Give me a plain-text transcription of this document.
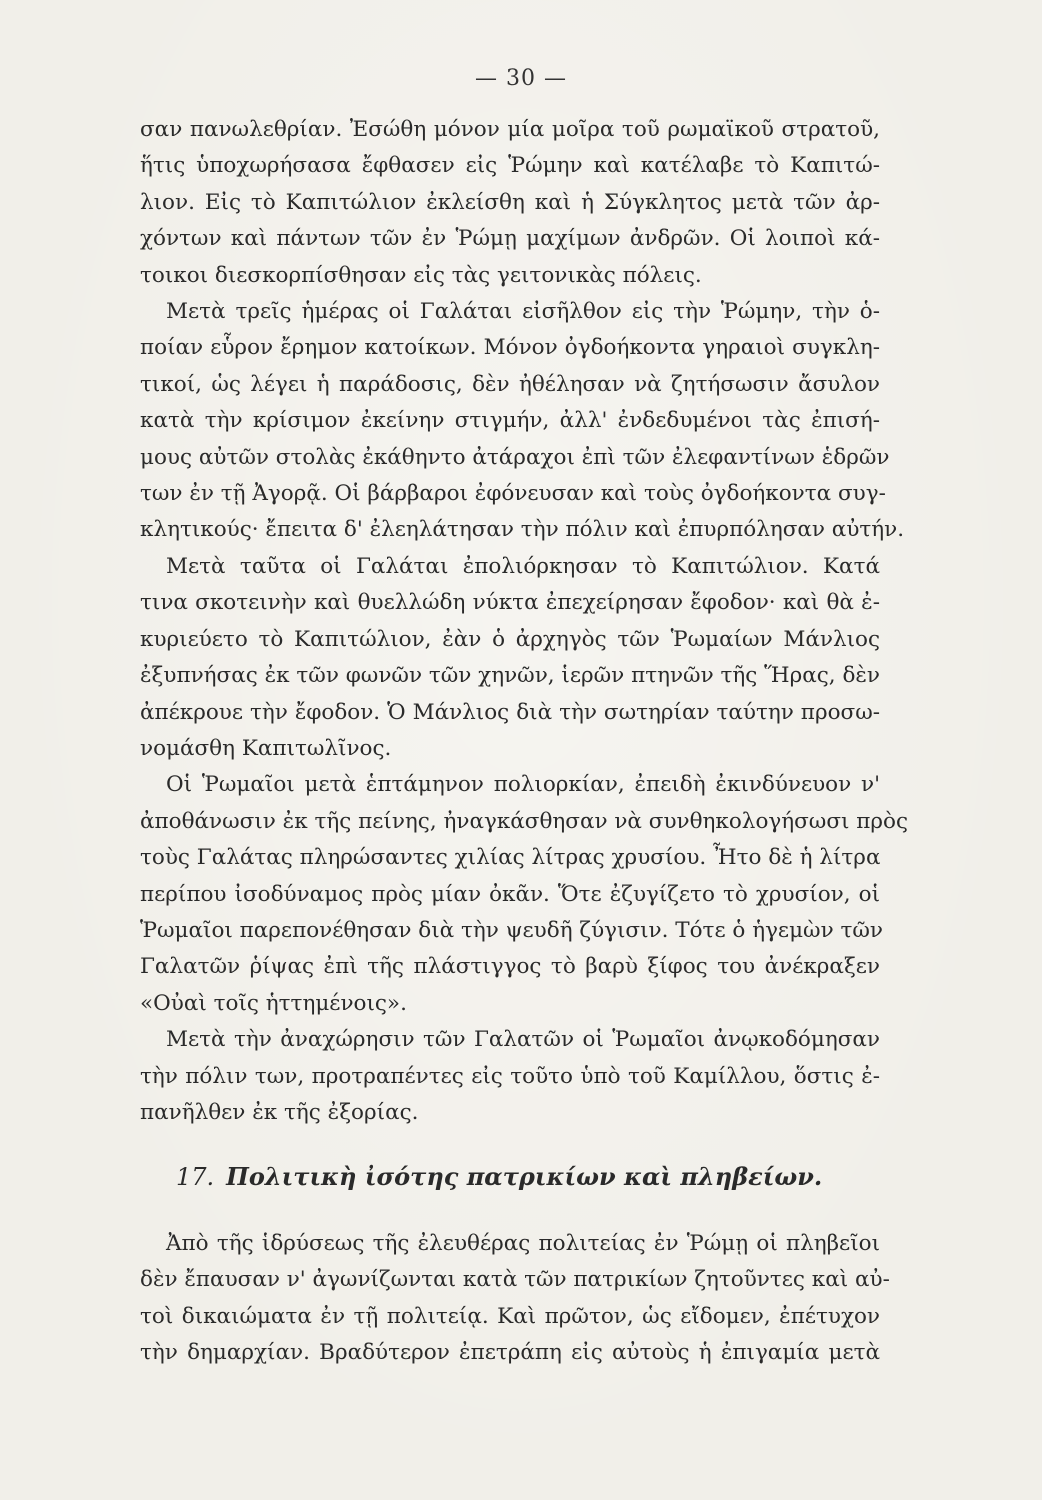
— 30 —

σαν πανωλεθρίαν. Ἐσώθη μόνον μία μοῖρα τοῦ ρωμαϊκοῦ στρατοῦ,
ἥτις ὑποχωρήσασα ἔφθασεν εἰς Ῥώμην καὶ κατέλαβε τὸ Καπιτώ-
λιον. Εἰς τὸ Καπιτώλιον ἐκλείσθη καὶ ἡ Σύγκλητος μετὰ τῶν ἀρ-
χόντων καὶ πάντων τῶν ἐν Ῥώμῃ μαχίμων ἀνδρῶν. Οἱ λοιποὶ κά-
τοικοι διεσκορπίσθησαν εἰς τὰς γειτονικὰς πόλεις.

Μετὰ τρεῖς ἡμέρας οἱ Γαλάται εἰσῆλθον εἰς τὴν Ῥώμην, τὴν ὁ-
ποίαν εὗρον ἔρημον κατοίκων. Μόνον ὀγδοήκοντα γηραιοὶ συγκλη-
τικοί, ὡς λέγει ἡ παράδοσις, δὲν ἠθέλησαν νὰ ζητήσωσιν ἄσυλον
κατὰ τὴν κρίσιμον ἐκείνην στιγμήν, ἀλλ' ἐνδεδυμένοι τὰς ἐπισή-
μους αὐτῶν στολὰς ἐκάθηντο ἀτάραχοι ἐπὶ τῶν ἐλεφαντίνων ἑδρῶν
των ἐν τῇ Ἀγορᾷ. Οἱ βάρβαροι ἐφόνευσαν καὶ τοὺς ὀγδοήκοντα συγ-
κλητικούς· ἔπειτα δ' ἐλεηλάτησαν τὴν πόλιν καὶ ἐπυρπόλησαν αὐτήν.

Μετὰ ταῦτα οἱ Γαλάται ἐπολιόρκησαν τὸ Καπιτώλιον. Κατά
τινα σκοτεινὴν καὶ θυελλώδη νύκτα ἐπεχείρησαν ἔφοδον· καὶ θὰ ἐ-
κυριεύετο τὸ Καπιτώλιον, ἐὰν ὁ ἀρχηγὸς τῶν Ῥωμαίων Μάνλιος
ἐξυπνήσας ἐκ τῶν φωνῶν τῶν χηνῶν, ἱερῶν πτηνῶν τῆς Ἥρας, δὲν
ἀπέκρουε τὴν ἔφοδον. Ὁ Μάνλιος διὰ τὴν σωτηρίαν ταύτην προσω-
νομάσθη Καπιτωλῖνος.

Οἱ Ῥωμαῖοι μετὰ ἑπτάμηνον πολιορκίαν, ἐπειδὴ ἐκινδύνευον ν'
ἀποθάνωσιν ἐκ τῆς πείνης, ἠναγκάσθησαν νὰ συνθηκολογήσωσι πρὸς
τοὺς Γαλάτας πληρώσαντες χιλίας λίτρας χρυσίου. Ἦτο δὲ ἡ λίτρα
περίπου ἰσοδύναμος πρὸς μίαν ὀκᾶν. Ὅτε ἐζυγίζετο τὸ χρυσίον, οἱ
Ῥωμαῖοι παρεπονέθησαν διὰ τὴν ψευδῆ ζύγισιν. Τότε ὁ ἡγεμὼν τῶν
Γαλατῶν ῥίψας ἐπὶ τῆς πλάστιγγος τὸ βαρὺ ξίφος του ἀνέκραξεν
«Οὐαὶ τοῖς ἡττημένοις».

Μετὰ τὴν ἀναχώρησιν τῶν Γαλατῶν οἱ Ῥωμαῖοι ἀνῳκοδόμησαν
τὴν πόλιν των, προτραπέντες εἰς τοῦτο ὑπὸ τοῦ Καμίλλου, ὅστις ἐ-
πανῆλθεν ἐκ τῆς ἐξορίας.

17. Πολιτικὴ ἰσότης πατρικίων καὶ πληβείων.

Ἀπὸ τῆς ἱδρύσεως τῆς ἐλευθέρας πολιτείας ἐν Ῥώμῃ οἱ πληβεῖοι
δὲν ἔπαυσαν ν' ἀγωνίζωνται κατὰ τῶν πατρικίων ζητοῦντες καὶ αὐ-
τοὶ δικαιώματα ἐν τῇ πολιτείᾳ. Καὶ πρῶτον, ὡς εἴδομεν, ἐπέτυχον
τὴν δημαρχίαν. Βραδύτερον ἐπετράπη εἰς αὐτοὺς ἡ ἐπιγαμία μετὰ
